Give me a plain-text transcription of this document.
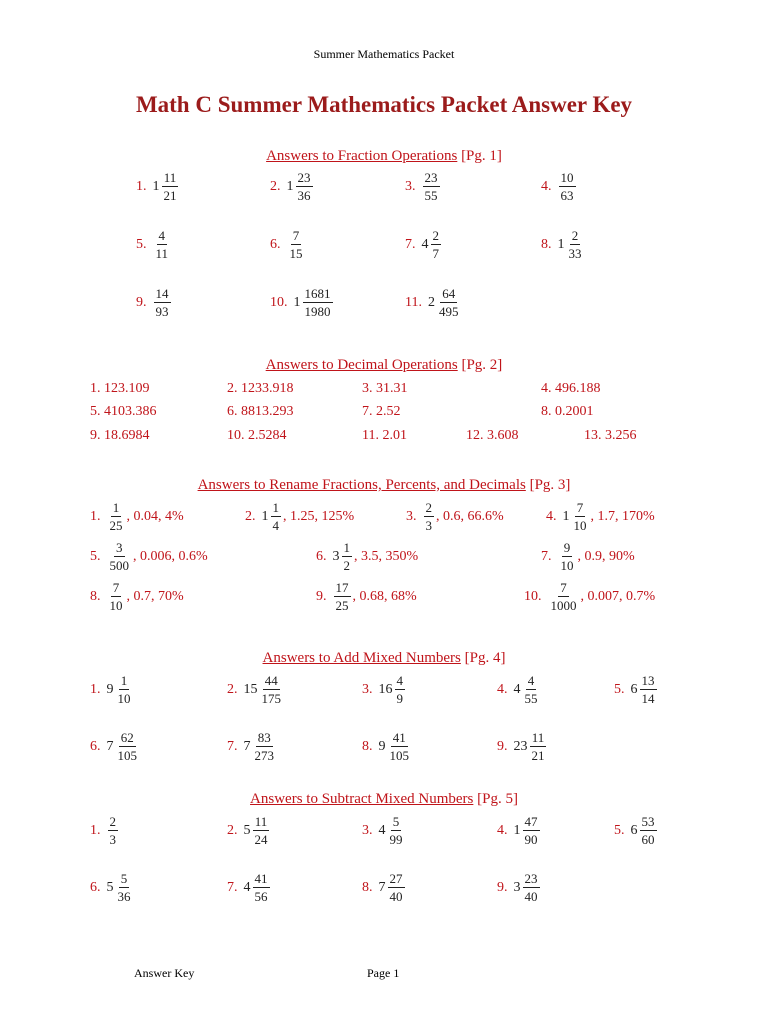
Summer Mathematics Packet
Math C Summer Mathematics Packet Answer Key
Answers to Fraction Operations [Pg. 1]
Answers to Decimal Operations [Pg. 2]
Answers to Rename Fractions, Percents, and Decimals [Pg. 3]
Answers to Add Mixed Numbers [Pg. 4]
Answers to Subtract Mixed Numbers [Pg. 5]
1. $1 \frac{11}{21}$	2. $1 \frac{23}{36}$	3. $\frac{23}{55}$	4. $\frac{10}{63}$
5. $\frac{4}{11}$	6. $\frac{7}{15}$	7. $4 \frac{2}{7}$	8. $1 \frac{2}{33}$
9. $\frac{14}{93}$	10. $1 \frac{1681}{1980}$	11. $2 \frac{64}{495}$
1. 123.109	2. 1233.918	3. 31.31	4. 496.188
5. 4103.386	6. 8813.293	7. 2.52	8. 0.2001
9. 18.6984	10. 2.5284	11. 2.01	12. 3.608	13. 3.256
1. $\frac{1}{25}$ , 0.04, 4%	2. $1 \frac{1}{4}$ , 1.25, 125%	3. $\frac{2}{3}$ , 0.6, 66.6%	4. $1 \frac{7}{10}$ , 1.7, 170%
5. $\frac{3}{500}$ , 0.006, 0.6%	6. $3 \frac{1}{2}$ , 3.5, 350%	7. $\frac{9}{10}$ , 0.9, 90%
8. $\frac{7}{10}$ , 0.7, 70%	9. $\frac{17}{25}$ , 0.68, 68%	10. $\frac{7}{1000}$ , 0.007, 0.7%
1. $9 \frac{1}{10}$	2. $15 \frac{44}{175}$	3. $16 \frac{4}{9}$	4. $4 \frac{4}{55}$	5. $6 \frac{13}{14}$
6. $7 \frac{62}{105}$	7. $7 \frac{83}{273}$	8. $9 \frac{41}{105}$	9. $23 \frac{11}{21}$
1. $\frac{2}{3}$	2. $5 \frac{11}{24}$	3. $4 \frac{5}{99}$	4. $1 \frac{47}{90}$	5. $6 \frac{53}{60}$
6. $5 \frac{5}{36}$	7. $4 \frac{41}{56}$	8. $7 \frac{27}{40}$	9. $3 \frac{23}{40}$
Answer Key	Page 1
